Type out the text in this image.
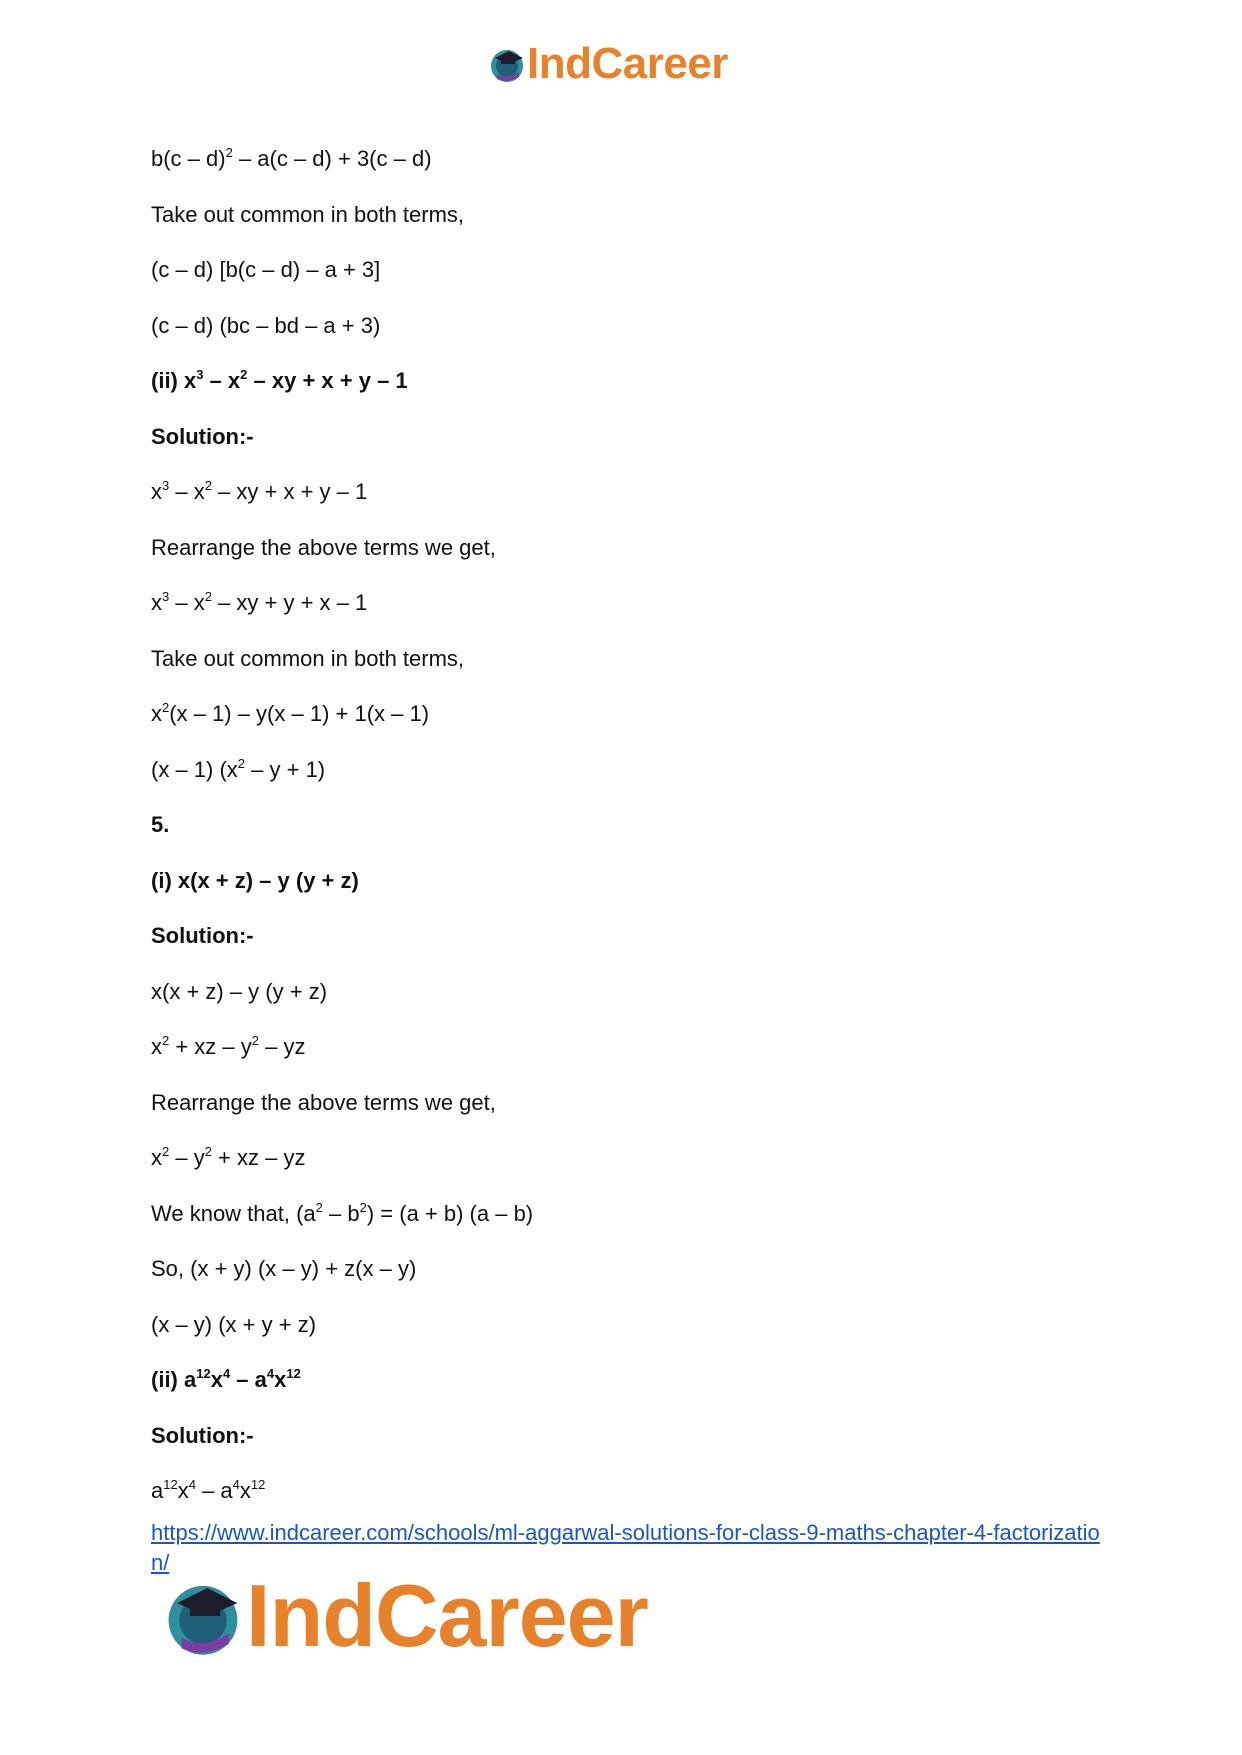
IndCareer
b(c – d)$^2$ – a(c – d) + 3(c – d)
Take out common in both terms,
(c – d) [b(c – d) – a + 3]
(c – d) (bc – bd – a + 3)
(ii) $x^3 - x^2$ – xy + x + y – 1
Solution:-
$x^3 - x^2$ – xy + x + y – 1
Rearrange the above terms we get,
$x^3 - x^2$ – xy + y + x – 1
Take out common in both terms,
$x^2(x - 1) - y(x - 1) + 1(x - 1)$
(x – 1) $(x^2 - y + 1)$
5.
(i) x(x + z) – y (y + z)
Solution:-
x(x + z) – y (y + z)
$x^2$ + xz – $y^2$ – yz
Rearrange the above terms we get,
$x^2 - y^2$ + xz – yz
We know that, $(a^2 - b^2) = (a + b)$ (a – b)
So, (x + y) (x – y) + z(x – y)
(x – y) (x + y + z)
(ii) $a^{12}x^4 - a^4x^{12}$
Solution:-
$a^{12}x^4 - a^4x^{12}$
https://www.indcareer.com/schools/ml-aggarwal-solutions-for-class-9-maths-chapter-4-factorization/
IndCareer
